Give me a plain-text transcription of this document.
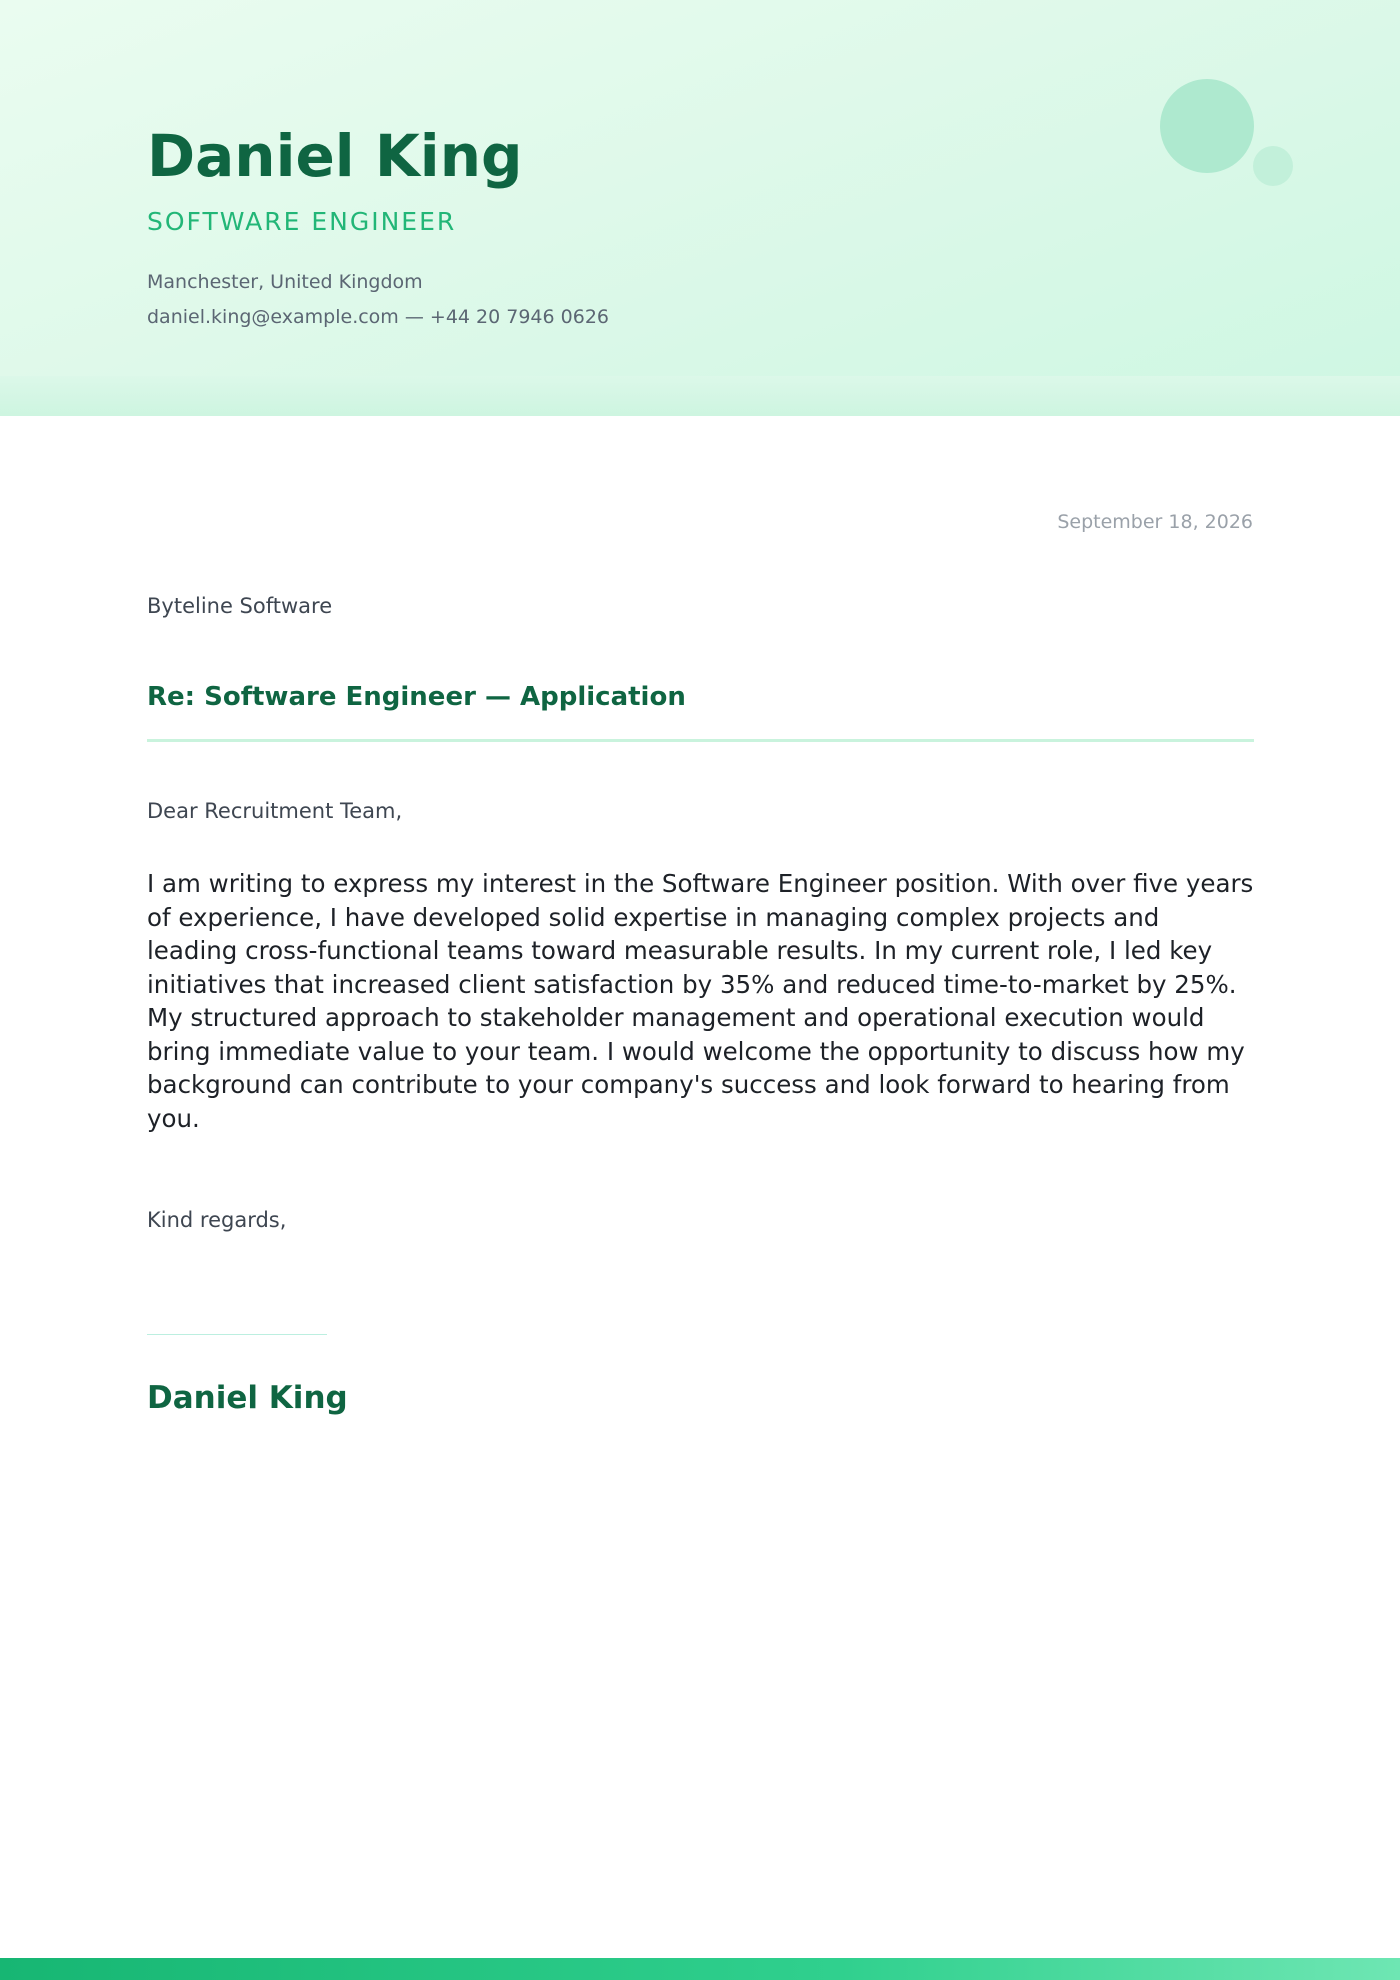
Daniel King
SOFTWARE ENGINEER
Manchester, United Kingdom
daniel.king@example.com — +44 20 7946 0626
September 18, 2026
Byteline Software
Re: Software Engineer — Application
Dear Recruitment Team,

I am writing to express my interest in the Software Engineer position. With over five years of experience, I have developed solid expertise in managing complex projects and leading cross-functional teams toward measurable results. In my current role, I led key initiatives that increased client satisfaction by 35% and reduced time-to-market by 25%. My structured approach to stakeholder management and operational execution would bring immediate value to your team. I would welcome the opportunity to discuss how my background can contribute to your company's success and look forward to hearing from you.

Kind regards,
Daniel King
